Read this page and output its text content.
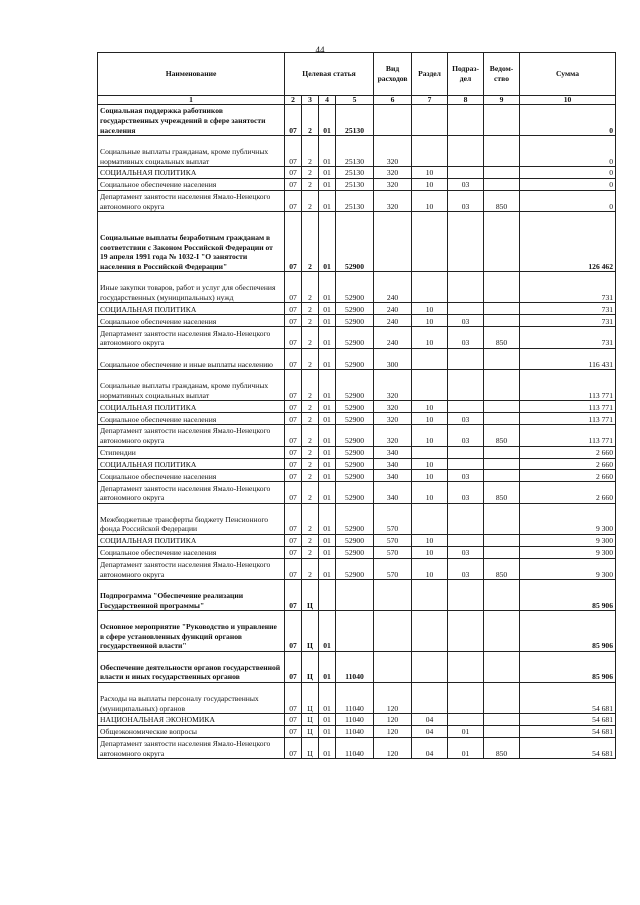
44
Наименование	Целевая статья				Вид расходов	Раздел	Подраз-дел	Ведом-ство	Сумма
1	2	3	4	5	6	7	8	9	10
Социальная поддержка работников государственных учреждений в сфере занятости населения	07	2	01	25130					0
Социальные выплаты гражданам, кроме публичных нормативных социальных выплат	07	2	01	25130	320				0
СОЦИАЛЬНАЯ ПОЛИТИКА	07	2	01	25130	320	10			0
Социальное обеспечение населения	07	2	01	25130	320	10	03		0
Департамент занятости населения Ямало-Ненецкого автономного округа	07	2	01	25130	320	10	03	850	0
Социальные выплаты безработным гражданам в соответствии с Законом Российской Федерации от 19 апреля 1991 года № 1032-I "О занятости населения в Российской Федерации"	07	2	01	52900					126 462
Иные закупки товаров, работ и услуг для обеспечения государственных (муниципальных) нужд	07	2	01	52900	240				731
СОЦИАЛЬНАЯ ПОЛИТИКА	07	2	01	52900	240	10			731
Социальное обеспечение населения	07	2	01	52900	240	10	03		731
Департамент занятости населения Ямало-Ненецкого автономного округа	07	2	01	52900	240	10	03	850	731
Социальное обеспечение и иные выплаты населению	07	2	01	52900	300				116 431
Социальные выплаты гражданам, кроме публичных нормативных социальных выплат	07	2	01	52900	320				113 771
СОЦИАЛЬНАЯ ПОЛИТИКА	07	2	01	52900	320	10			113 771
Социальное обеспечение населения	07	2	01	52900	320	10	03		113 771
Департамент занятости населения Ямало-Ненецкого автономного округа	07	2	01	52900	320	10	03	850	113 771
Стипендии	07	2	01	52900	340				2 660
СОЦИАЛЬНАЯ ПОЛИТИКА	07	2	01	52900	340	10			2 660
Социальное обеспечение населения	07	2	01	52900	340	10	03		2 660
Департамент занятости населения Ямало-Ненецкого автономного округа	07	2	01	52900	340	10	03	850	2 660
Межбюджетные трансферты бюджету Пенсионного фонда Российской Федерации	07	2	01	52900	570				9 300
СОЦИАЛЬНАЯ ПОЛИТИКА	07	2	01	52900	570	10			9 300
Социальное обеспечение населения	07	2	01	52900	570	10	03		9 300
Департамент занятости населения Ямало-Ненецкого автономного округа	07	2	01	52900	570	10	03	850	9 300
Подпрограмма "Обеспечение реализации Государственной программы"	07	Ц							85 906
Основное мероприятие "Руководство и управление в сфере установленных функций органов государственной власти"	07	Ц	01						85 906
Обеспечение деятельности органов государственной власти и иных государственных органов	07	Ц	01	11040					85 906
Расходы на выплаты персоналу государственных (муниципальных) органов	07	Ц	01	11040	120				54 681
НАЦИОНАЛЬНАЯ ЭКОНОМИКА	07	Ц	01	11040	120	04			54 681
Общеэкономические вопросы	07	Ц	01	11040	120	04	01		54 681
Департамент занятости населения Ямало-Ненецкого автономного округа	07	Ц	01	11040	120	04	01	850	54 681
